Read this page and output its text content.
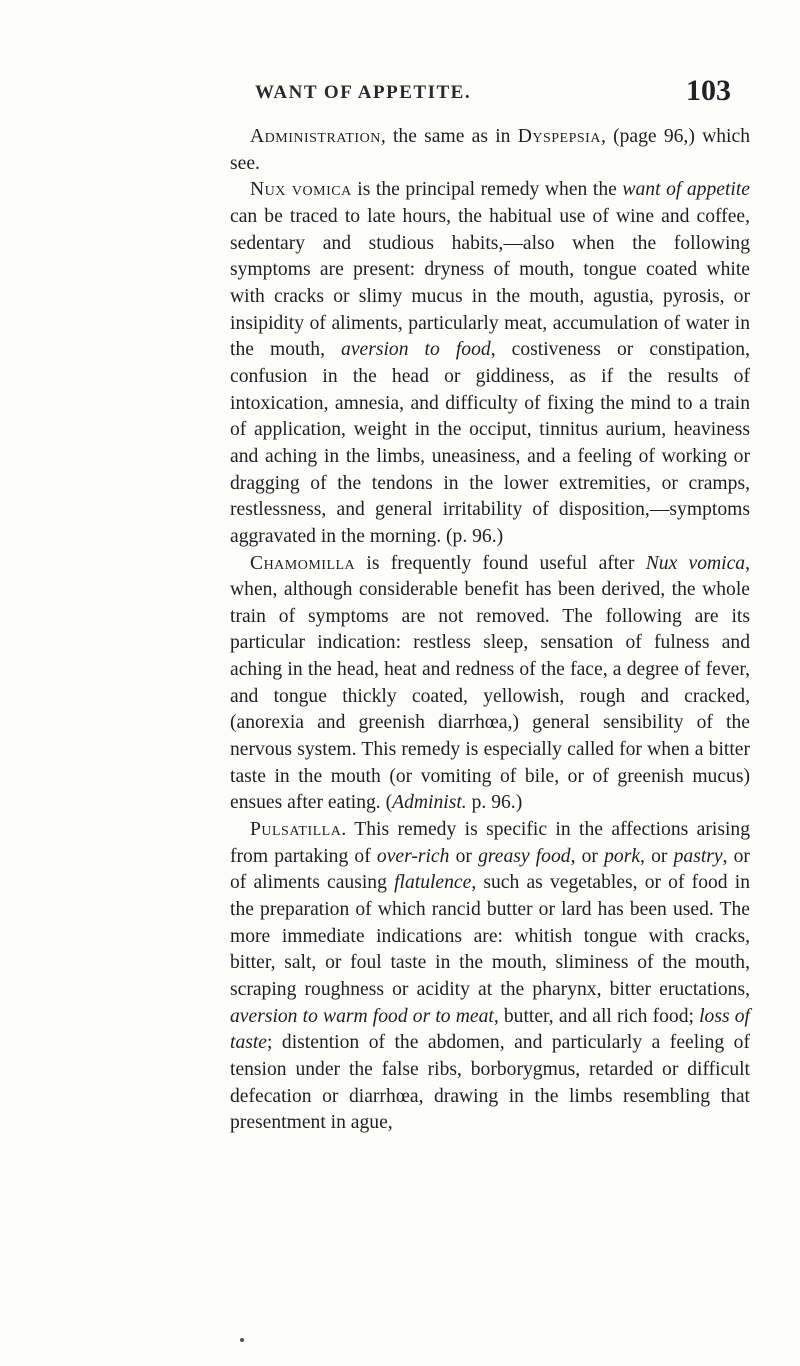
WANT OF APPETITE.	103

Administration, the same as in Dyspepsia, (page 96,) which see.

Nux vomica is the principal remedy when the want of appetite can be traced to late hours, the habitual use of wine and coffee, sedentary and studious habits,—also when the following symptoms are present: dryness of mouth, tongue coated white with cracks or slimy mucus in the mouth, agustia, pyrosis, or insipidity of aliments, particularly meat, accumulation of water in the mouth, aversion to food, costiveness or constipation, confusion in the head or giddiness, as if the results of intoxication, amnesia, and difficulty of fixing the mind to a train of application, weight in the occiput, tinnitus aurium, heaviness and aching in the limbs, uneasiness, and a feeling of working or dragging of the tendons in the lower extremities, or cramps, restlessness, and general irritability of disposition,—symptoms aggravated in the morning. (p. 96.)

Chamomilla is frequently found useful after Nux vomica, when, although considerable benefit has been derived, the whole train of symptoms are not removed. The following are its particular indication: restless sleep, sensation of fulness and aching in the head, heat and redness of the face, a degree of fever, and tongue thickly coated, yellowish, rough and cracked, (anorexia and greenish diarrhœa,) general sensibility of the nervous system. This remedy is especially called for when a bitter taste in the mouth (or vomiting of bile, or of greenish mucus) ensues after eating. (Administ. p. 96.)

Pulsatilla. This remedy is specific in the affections arising from partaking of over-rich or greasy food, or pork, or pastry, or of aliments causing flatulence, such as vegetables, or of food in the preparation of which rancid butter or lard has been used. The more immediate indications are: whitish tongue with cracks, bitter, salt, or foul taste in the mouth, sliminess of the mouth, scraping roughness or acidity at the pharynx, bitter eructations, aversion to warm food or to meat, butter, and all rich food; loss of taste; distention of the abdomen, and particularly a feeling of tension under the false ribs, borborygmus, retarded or difficult defecation or diarrhœa, drawing in the limbs resembling that presentment in ague,
